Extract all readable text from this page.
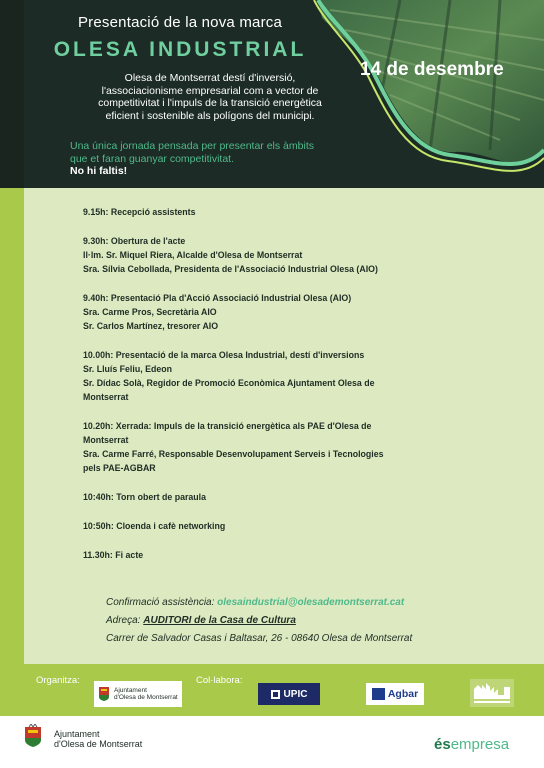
Presentació de la nova marca
OLESA INDUSTRIAL
14 de desembre
Olesa de Montserrat destí d'inversió,
l'associacionisme empresarial com a vector de
competitivitat i l'impuls de la transició energètica
eficient i sostenible als polígons del municipi.
Una única jornada pensada per presentar els àmbits
que et faran guanyar competitivitat.
No hi faltis!
9.15h: Recepció assistents
9.30h: Obertura de l'acte
Il·lm. Sr. Miquel Riera, Alcalde d'Olesa de Montserrat
Sra. Sílvia Cebollada, Presidenta de l'Associació Industrial Olesa (AIO)
9.40h: Presentació Pla d'Acció Associació Industrial Olesa (AIO)
Sra. Carme Pros, Secretària AIO
Sr. Carlos Martínez, tresorer AIO
10.00h: Presentació de la marca Olesa Industrial, destí d'inversions
Sr. Lluís Feliu, Edeon
Sr. Dídac Solà, Regidor de Promoció Econòmica Ajuntament Olesa de
Montserrat
10.20h: Xerrada: Impuls de la transició energètica als PAE d'Olesa de
Montserrat
Sra. Carme Farré, Responsable Desenvolupament Serveis i Tecnologies
pels PAE-AGBAR
10:40h: Torn obert de paraula
10:50h: Cloenda i cafè networking
11.30h: Fi acte
Confirmació assistència: olesaindustrial@olesademontserrat.cat
Adreça: AUDITORI de la Casa de Cultura
Carrer de Salvador Casas i Baltasar, 26 - 08640 Olesa de Montserrat
Organitza:	Col·labora:
Ajuntament
d'Olesa de Montserrat	UPIC	Agbar
Ajuntament
d'Olesa de Montserrat	ésempresa
